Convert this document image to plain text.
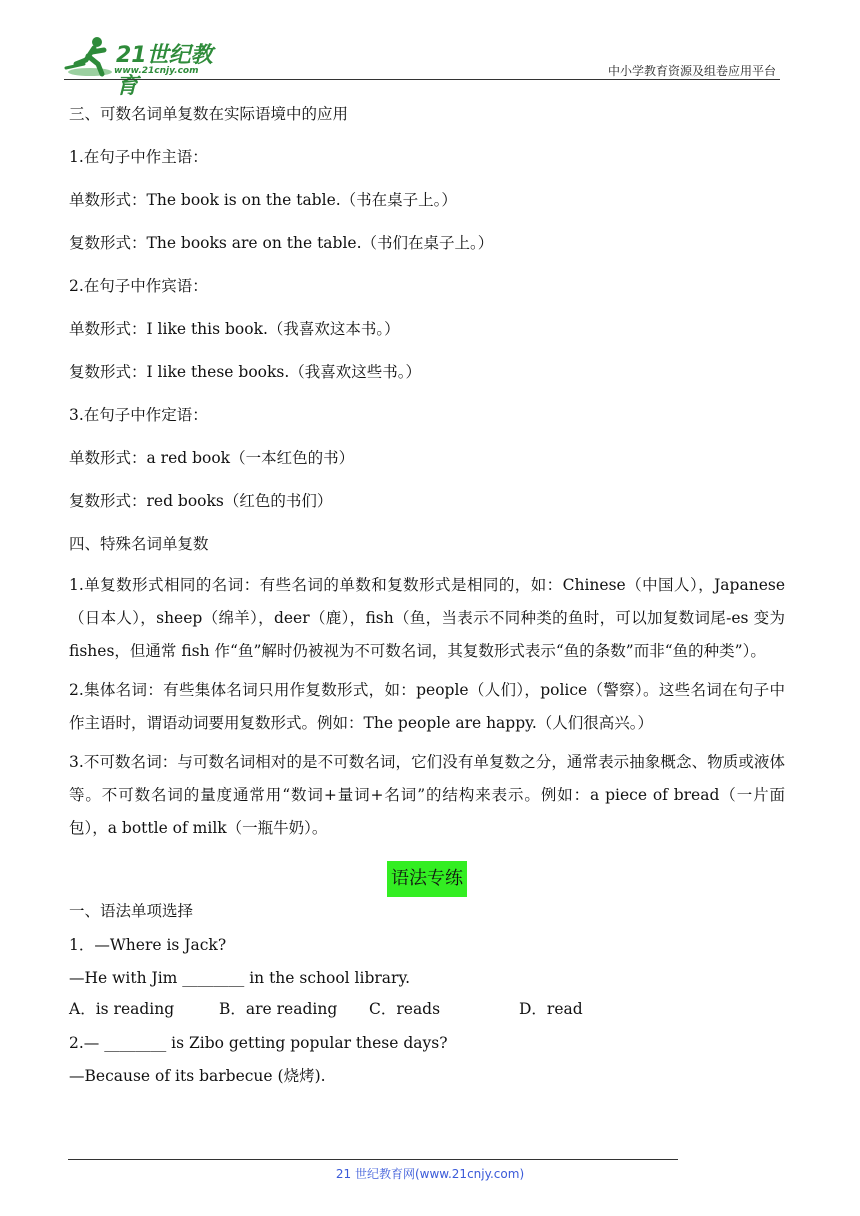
21世纪教育
www.21cnjy.com	中小学教育资源及组卷应用平台

三、可数名词单复数在实际语境中的应用

1.在句子中作主语：

单数形式：The book is on the table.（书在桌子上。）

复数形式：The books are on the table.（书们在桌子上。）

2.在句子中作宾语：

单数形式：I like this book.（我喜欢这本书。）

复数形式：I like these books.（我喜欢这些书。）

3.在句子中作定语：

单数形式：a red book（一本红色的书）

复数形式：red books（红色的书们）

四、特殊名词单复数

1.单复数形式相同的名词：有些名词的单数和复数形式是相同的，如：Chinese（中国人），Japanese（日本人），sheep（绵羊），deer（鹿），fish（鱼，当表示不同种类的鱼时，可以加复数词尾-es 变为 fishes，但通常 fish 作“鱼”解时仍被视为不可数名词，其复数形式表示“鱼的条数”而非“鱼的种类”）。

2.集体名词：有些集体名词只用作复数形式，如：people（人们），police（警察）。这些名词在句子中作主语时，谓语动词要用复数形式。例如：The people are happy.（人们很高兴。）

3.不可数名词：与可数名词相对的是不可数名词，它们没有单复数之分，通常表示抽象概念、物质或液体等。不可数名词的量度通常用“数词+量词+名词”的结构来表示。例如：a piece of bread（一片面包），a bottle of milk（一瓶牛奶）。

语法专练

一、语法单项选择

1．—Where is Jack?

—He with Jim ________ in the school library.

A．is reading	B．are reading	C．reads	D．read

2.— ________ is Zibo getting popular these days?

—Because of its barbecue (烧烤).

21 世纪教育网(www.21cnjy.com)
